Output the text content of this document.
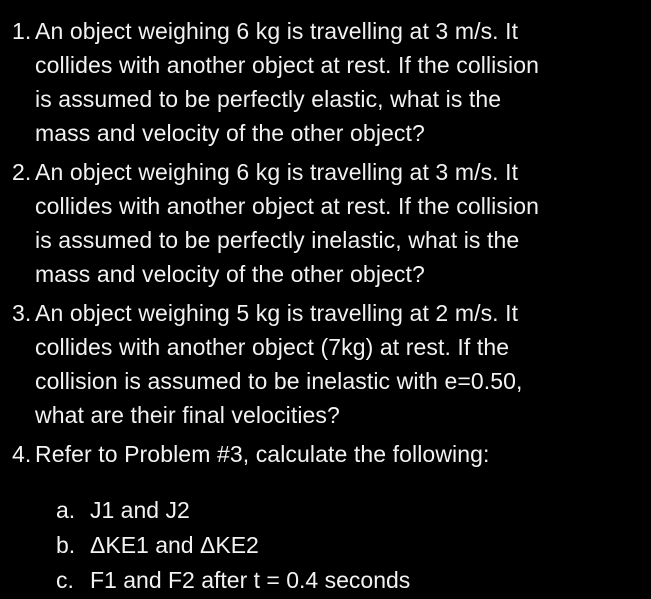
1. An object weighing 6 kg is travelling at 3 m/s. It
collides with another object at rest. If the collision
is assumed to be perfectly elastic, what is the
mass and velocity of the other object?
2. An object weighing 6 kg is travelling at 3 m/s. It
collides with another object at rest. If the collision
is assumed to be perfectly inelastic, what is the
mass and velocity of the other object?
3. An object weighing 5 kg is travelling at 2 m/s. It
collides with another object (7kg) at rest. If the
collision is assumed to be inelastic with e=0.50,
what are their final velocities?
4. Refer to Problem #3, calculate the following:
a. J1 and J2
b. ΔKE1 and ΔKE2
c. F1 and F2 after t = 0.4 seconds
